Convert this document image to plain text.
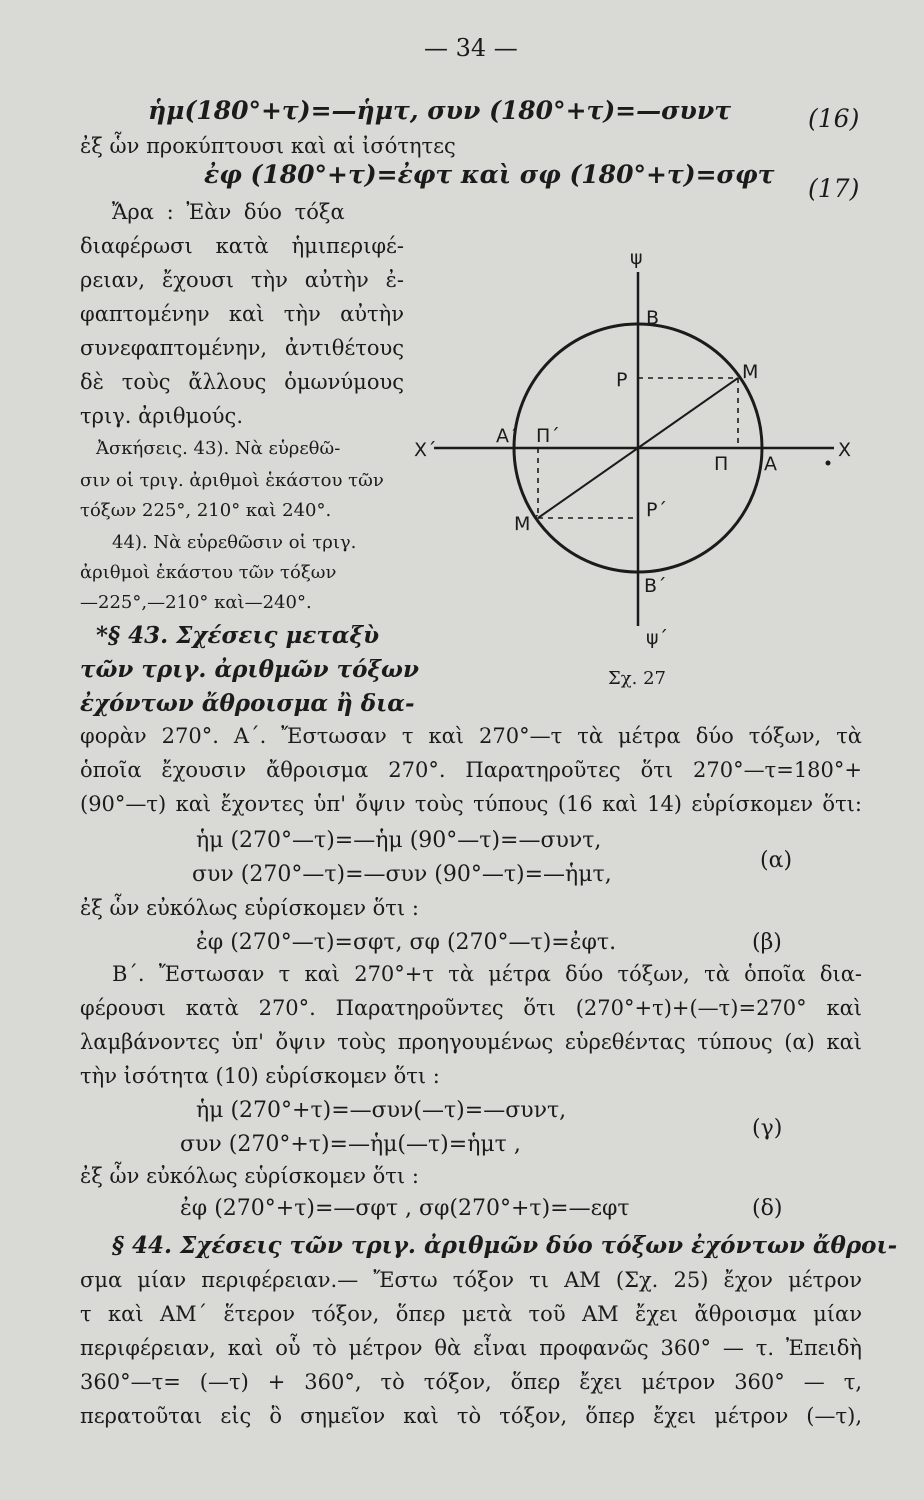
— 34 —
ἡμ(180°+τ)=—ἡμτ, συν (180°+τ)=—συντ	(16)
ἐξ ὧν προκύπτουσι καὶ αἱ ἰσότητες
ἐφ (180°+τ)=ἐφτ καὶ σφ (180°+τ)=σφτ (17)
Ἄρα : Ἐὰν δύο τόξα
διαφέρωσι κατὰ ἡμιπεριφέ-
ρειαν, ἔχουσι τὴν αὐτὴν ἐ-
φαπτομένην καὶ τὴν αὐτὴν
συνεφαπτομένην, ἀντιθέτους
δὲ τοὺς ἄλλους ὁμωνύμους
τριγ. ἀριθμούς.
Ἀσκήσεις. 43). Νὰ εὑρεθῶ-
σιν οἱ τριγ. ἀριθμοὶ ἑκάστου τῶν
τόξων 225°, 210° καὶ 240°.
44). Νὰ εὑρεθῶσιν οἱ τριγ.
ἀριθμοὶ ἑκάστου τῶν τόξων
—225°,—210° καὶ—240°.
*§ 43. Σχέσεις μεταξὺ
τῶν τριγ. ἀριθμῶν τόξων
ἐχόντων ἄθροισμα ἢ δια-
φορὰν 270°. Α΄. Ἔστωσαν τ καὶ 270°—τ τὰ μέτρα δύο τόξων, τὰ
ὁποῖα ἔχουσιν ἄθροισμα 270°. Παρατηροῦτες ὅτι 270°—τ=180°+
(90°—τ) καὶ ἔχοντες ὑπ' ὄψιν τοὺς τύπους (16 καὶ 14) εὑρίσκομεν ὅτι:
ἡμ (270°—τ)=—ἡμ (90°—τ)=—συντ,
συν (270°—τ)=—συν (90°—τ)=—ἡμτ,
(α)
ἐξ ὧν εὐκόλως εὑρίσκομεν ὅτι :
ἐφ (270°—τ)=σφτ, σφ (270°—τ)=ἐφτ.	(β)
Β΄. Ἔστωσαν τ καὶ 270°+τ τὰ μέτρα δύο τόξων, τὰ ὁποῖα δια-
φέρουσι κατὰ 270°. Παρατηροῦντες ὅτι (270°+τ)+(—τ)=270° καὶ
λαμβάνοντες ὑπ' ὄψιν τοὺς προηγουμένως εὑρεθέντας τύπους (α) καὶ
τὴν ἰσότητα (10) εὑρίσκομεν ὅτι :
ἡμ (270°+τ)=—συν(—τ)=—συντ,
συν (270°+τ)=—ἡμ(—τ)=ἡμτ ,
(γ)
ἐξ ὧν εὐκόλως εὑρίσκομεν ὅτι :
ἐφ (270°+τ)=—σφτ , σφ(270°+τ)=—εφτ	(δ)
§ 44. Σχέσεις τῶν τριγ. ἀριθμῶν δύο τόξων ἐχόντων ἄθροι-
σμα μίαν περιφέρειαν.— Ἔστω τόξον τι ΑΜ (Σχ. 25) ἔχον μέτρον
τ καὶ ΑΜ΄ ἕτερον τόξον, ὅπερ μετὰ τοῦ ΑΜ ἔχει ἄθροισμα μίαν
περιφέρειαν, καὶ οὗ τὸ μέτρον θὰ εἶναι προφανῶς 360° — τ. Ἐπειδὴ
360°—τ= (—τ) + 360°, τὸ τόξον, ὅπερ ἔχει μέτρον 360° — τ,
περατοῦται εἰς ὃ σημεῖον καὶ τὸ τόξον, ὅπερ ἔχει μέτρον (—τ),
ψ
Β
Ρ	Μ
Χ΄
Α΄ Π΄
Π Α
Χ
Μ΄
Ρ΄
Β΄
ψ΄
Σχ. 27
